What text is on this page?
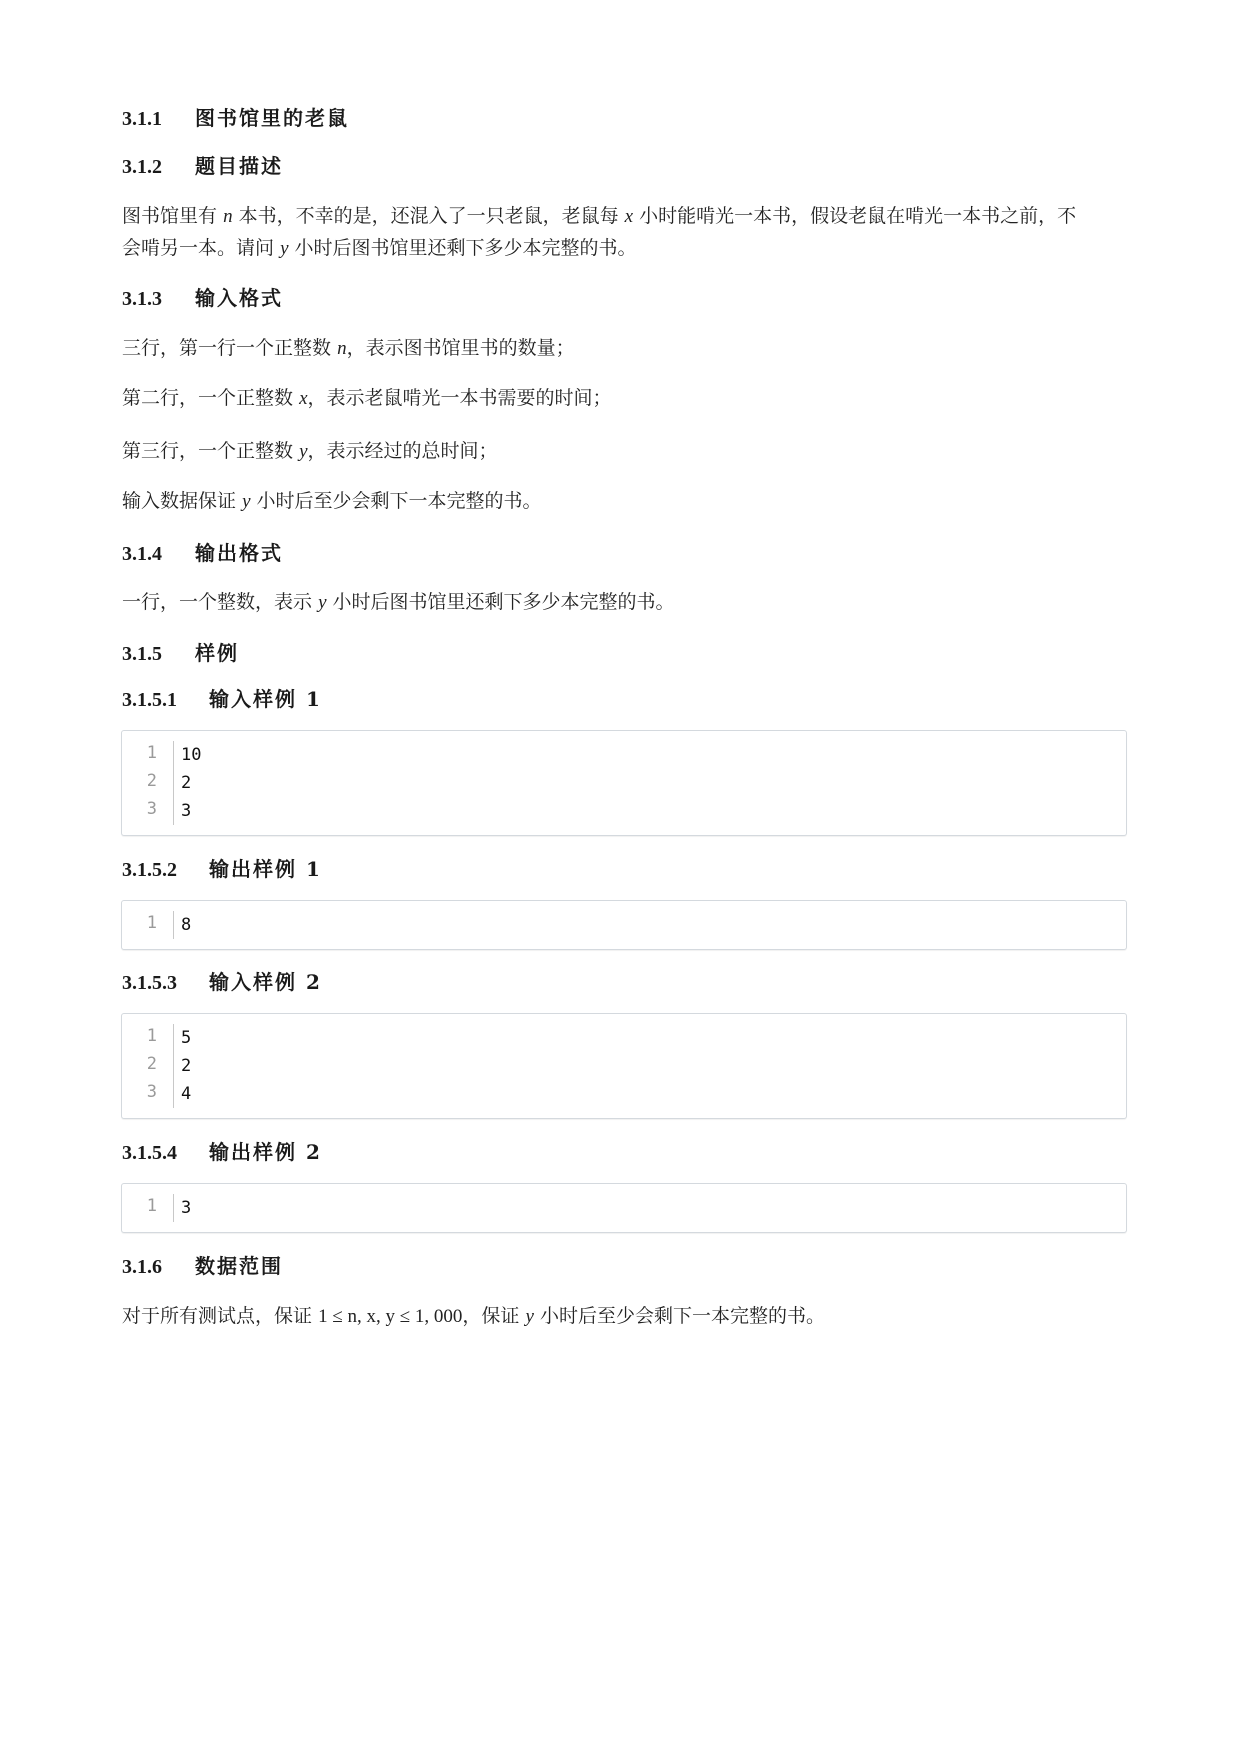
3.1.1 图书馆里的老鼠
3.1.2 题目描述
图书馆里有 n 本书，不幸的是，还混入了一只老鼠，老鼠每 x 小时能啃光一本书，假设老鼠在啃光一本书之前，不
会啃另一本。请问 y 小时后图书馆里还剩下多少本完整的书。
3.1.3 输入格式
三行，第一行一个正整数 n，表示图书馆里书的数量；
第二行，一个正整数 x，表示老鼠啃光一本书需要的时间；
第三行，一个正整数 y，表示经过的总时间；
输入数据保证 y 小时后至少会剩下一本完整的书。
3.1.4 输出格式
一行，一个整数，表示 y 小时后图书馆里还剩下多少本完整的书。
3.1.5 样例
3.1.5.1 输入样例 1
1 10
2 2
3 3
3.1.5.2 输出样例 1
1 8
3.1.5.3 输入样例 2
1 5
2 2
3 4
3.1.5.4 输出样例 2
1 3
3.1.6 数据范围
对于所有测试点，保证 1 ≤ n, x, y ≤ 1, 000，保证 y 小时后至少会剩下一本完整的书。
